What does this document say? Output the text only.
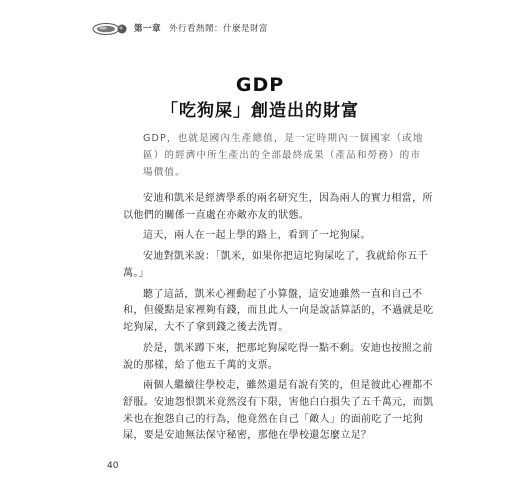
第一章 外行看熱鬧：什麼是財富
GDP
「吃狗屎」創造出的財富
GDP，也就是國內生產總值，是一定時期內一個國家（或地區）的經濟中所生產出的全部最終成果（產品和勞務）的市場價值。

安迪和凱米是經濟學系的兩名研究生，因為兩人的實力相當，所以他們的關係一直處在亦敵亦友的狀態。

這天，兩人在一起上學的路上，看到了一坨狗屎。

安迪對凱米說：「凱米，如果你把這坨狗屎吃了，我就給你五千萬。」

聽了這話，凱米心裡動起了小算盤，這安迪雖然一直和自己不和，但優點是家裡夠有錢，而且此人一向是說話算話的，不過就是吃坨狗屎，大不了拿到錢之後去洗胃。

於是，凱米蹲下來，把那坨狗屎吃得一點不剩。安迪也按照之前說的那樣，給了他五千萬的支票。

兩個人繼續往學校走，雖然還是有說有笑的，但是彼此心裡都不舒服。安迪怨恨凱米竟然沒有下限，害他白白損失了五千萬元，而凱米也在抱怨自己的行為，他竟然在自己「敵人」的面前吃了一坨狗屎，要是安迪無法保守秘密，那他在學校還怎麼立足？

40
